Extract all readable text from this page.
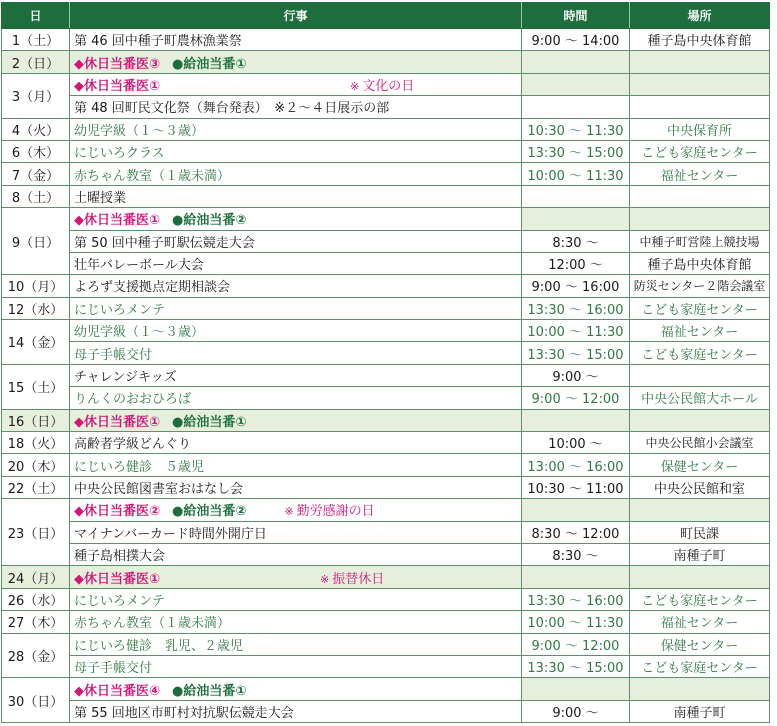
日	行事	時間	場所
1（土）	第 46 回中種子町農林漁業祭	9:00 ～ 14:00	種子島中央体育館
2（日）	◆休日当番医③ ●給油当番①		
3（月）	◆休日当番医① ※ 文化の日		
	第 48 回町民文化祭（舞台発表）　※２～４日展示の部		
4（火）	幼児学級（１～３歳）	10:30 ～ 11:30	中央保育所
6（木）	にじいろクラス	13:30 ～ 15:00	こども家庭センター
7（金）	赤ちゃん教室（１歳未満）	10:00 ～ 11:30	福祉センター
8（土）	土曜授業		
9（日）	◆休日当番医① ●給油当番②		
	第 50 回中種子町駅伝競走大会	8:30 ～	中種子町営陸上競技場
	壮年バレーボール大会	12:00 ～	種子島中央体育館
10（月）	よろず支援拠点定期相談会	9:00 ～ 16:00	防災センター２階会議室
12（水）	にじいろメンテ	13:30 ～ 16:00	こども家庭センター
14（金）	幼児学級（１～３歳）	10:00 ～ 11:30	福祉センター
	母子手帳交付	13:30 ～ 15:00	こども家庭センター
15（土）	チャレンジキッズ	9:00 ～	
	りんくのおおひろば	9:00 ～ 12:00	中央公民館大ホール
16（日）	◆休日当番医① ●給油当番①		
18（火）	高齢者学級どんぐり	10:00 ～	中央公民館小会議室
20（木）	にじいろ健診　５歳児	13:00 ～ 16:00	保健センター
22（土）	中央公民館図書室おはなし会	10:30 ～ 11:00	中央公民館和室
23（日）	◆休日当番医② ●給油当番② ※ 勤労感謝の日		
	マイナンバーカード時間外開庁日	8:30 ～ 12:00	町民課
	種子島相撲大会	8:30 ～	南種子町
24（月）	◆休日当番医① ※ 振替休日		
26（水）	にじいろメンテ	13:30 ～ 16:00	こども家庭センター
27（木）	赤ちゃん教室（１歳未満）	10:00 ～ 11:30	福祉センター
28（金）	にじいろ健診　乳児、２歳児	9:00 ～ 12:00	保健センター
	母子手帳交付	13:30 ～ 15:00	こども家庭センター
30（日）	◆休日当番医④ ●給油当番①		
	第 55 回地区市町村対抗駅伝競走大会	9:00 ～	南種子町
